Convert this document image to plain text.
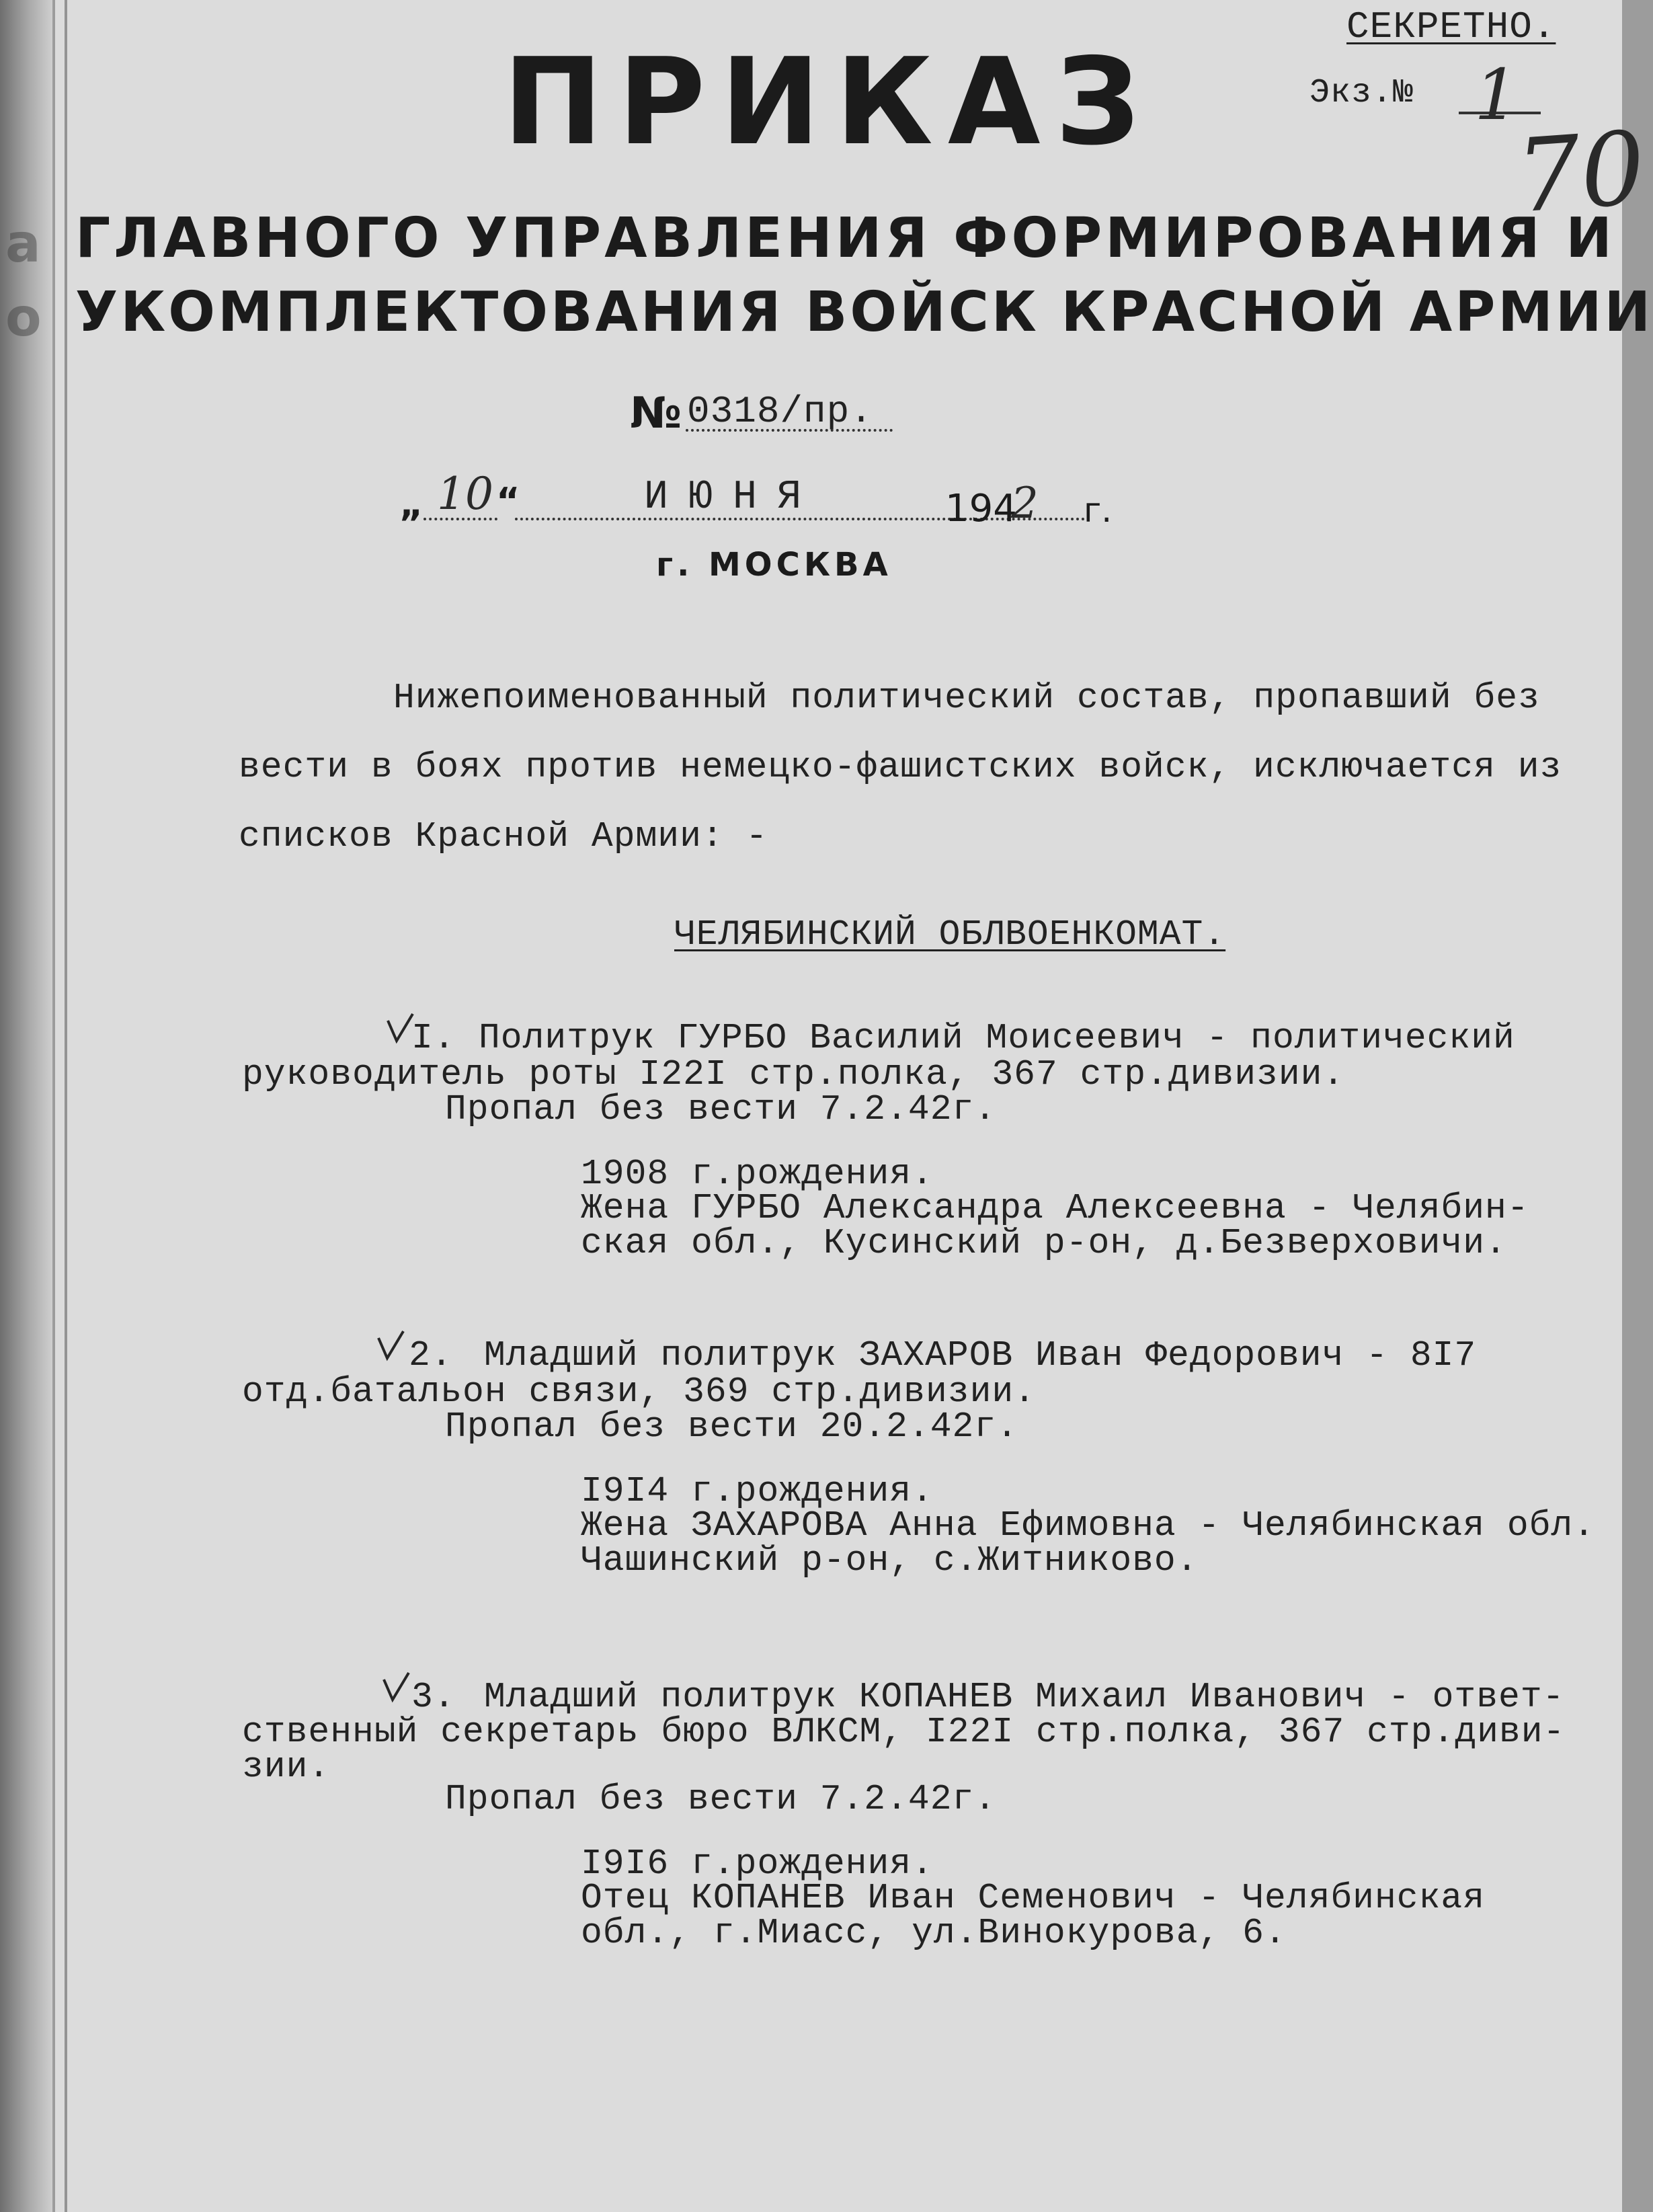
СЕКРЕТНО.
Экз.№ 1
70
ПРИКАЗ
а
о
ГЛАВНОГО УПРАВЛЕНИЯ ФОРМИРОВАНИЯ И
УКОМПЛЕКТОВАНИЯ ВОЙСК КРАСНОЙ АРМИИ
№ 0318/пр.
„ 10 “	ИЮНЯ	194
2 г.
г. МОСКВА
Нижепоименованный политический состав, пропавший без
вести в боях против немецко-фашистских войск, исключается из
списков Красной Армии: -
ЧЕЛЯБИНСКИЙ ОБЛВОЕНКОМАТ.
I. Политрук ГУРБО Василий Моисеевич - политический
руководитель роты I22I стр.полка, 367 стр.дивизии.
Пропал без вести 7.2.42г.
1908 г.рождения.
Жена ГУРБО Александра Алексеевна - Челябин-
ская обл., Кусинский р-он, д.Безверховичи.
2. Младший политрук ЗАХАРОВ Иван Федорович - 8I7
отд.батальон связи, 369 стр.дивизии.
Пропал без вести 20.2.42г.
I9I4 г.рождения.
Жена ЗАХАРОВА Анна Ефимовна - Челябинская обл.
Чашинский р-он, с.Житниково.
3. Младший политрук КОПАНЕВ Михаил Иванович - ответ-
ственный секретарь бюро ВЛКСМ, I22I стр.полка, 367 стр.диви-
зии.
Пропал без вести 7.2.42г.
I9I6 г.рождения.
Отец КОПАНЕВ Иван Семенович - Челябинская
обл., г.Миасс, ул.Винокурова, 6.
